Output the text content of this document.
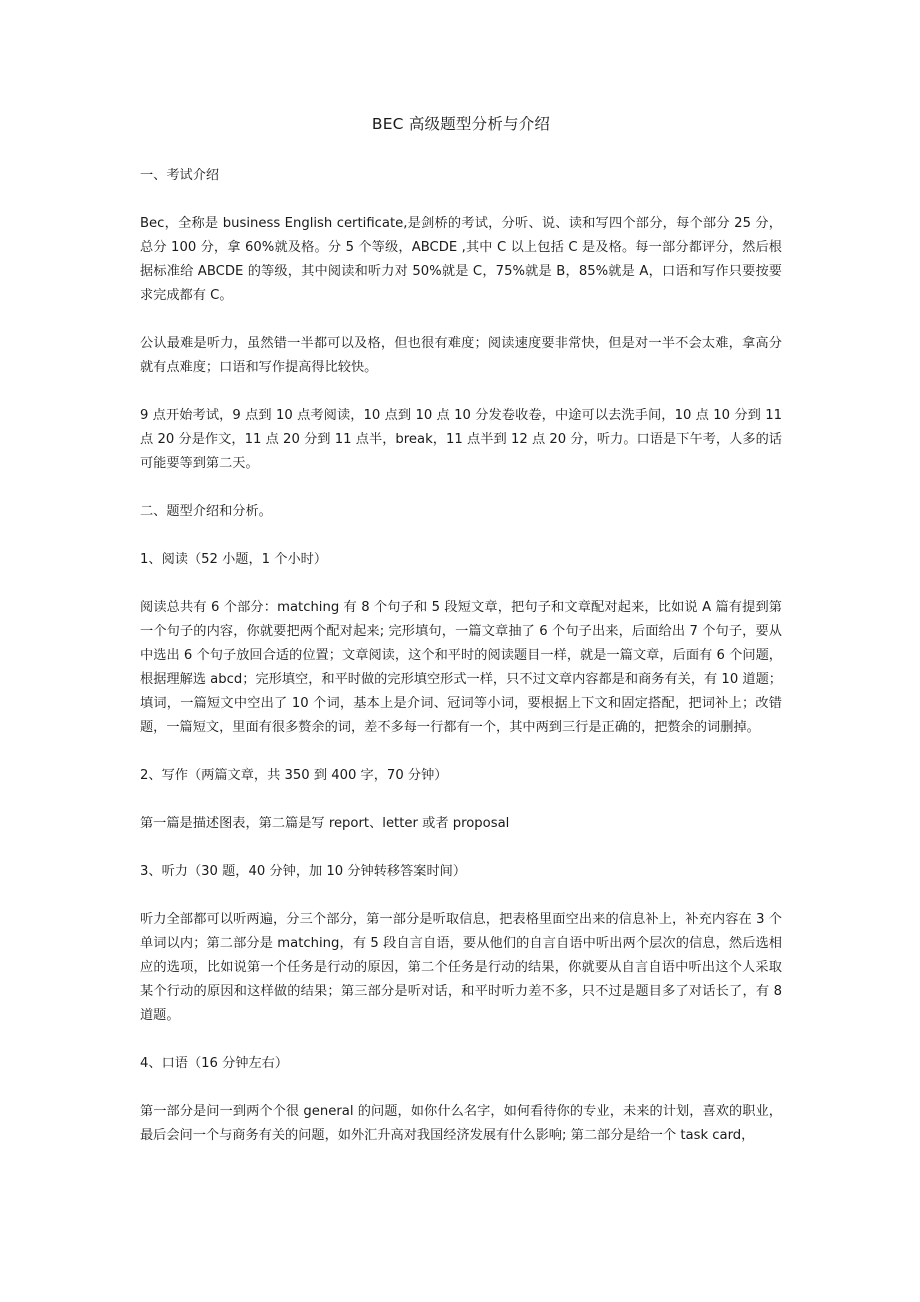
BEC 高级题型分析与介绍
一、考试介绍
Bec，全称是 business English certificate,是剑桥的考试，分听、说、读和写四个部分，每个部分 25 分，总分 100 分，拿 60%就及格。分 5 个等级，ABCDE ,其中 C 以上包括 C 是及格。每一部分都评分，然后根据标准给 ABCDE 的等级，其中阅读和听力对 50%就是 C，75%就是 B，85%就是 A，口语和写作只要按要求完成都有 C。
公认最难是听力，虽然错一半都可以及格，但也很有难度；阅读速度要非常快，但是对一半不会太难，拿高分就有点难度；口语和写作提高得比较快。
9 点开始考试，9 点到 10 点考阅读，10 点到 10 点 10 分发卷收卷，中途可以去洗手间，10 点 10 分到 11 点 20 分是作文，11 点 20 分到 11 点半，break，11 点半到 12 点 20 分，听力。口语是下午考，人多的话可能要等到第二天。
二、题型介绍和分析。
1、阅读（52 小题，1 个小时）
阅读总共有 6 个部分：matching 有 8 个句子和 5 段短文章，把句子和文章配对起来，比如说 A 篇有提到第一个句子的内容，你就要把两个配对起来; 完形填句，一篇文章抽了 6 个句子出来，后面给出 7 个句子，要从中选出 6 个句子放回合适的位置；文章阅读，这个和平时的阅读题目一样，就是一篇文章，后面有 6 个问题，根据理解选 abcd；完形填空，和平时做的完形填空形式一样，只不过文章内容都是和商务有关，有 10 道题；填词，一篇短文中空出了 10 个词，基本上是介词、冠词等小词，要根据上下文和固定搭配，把词补上；改错题，一篇短文，里面有很多赘余的词，差不多每一行都有一个，其中两到三行是正确的，把赘余的词删掉。
2、写作（两篇文章，共 350 到 400 字，70 分钟）
第一篇是描述图表，第二篇是写 report、letter 或者 proposal
3、听力（30 题，40 分钟，加 10 分钟转移答案时间）
听力全部都可以听两遍，分三个部分，第一部分是听取信息，把表格里面空出来的信息补上，补充内容在 3 个单词以内；第二部分是 matching，有 5 段自言自语，要从他们的自言自语中听出两个层次的信息，然后选相应的选项，比如说第一个任务是行动的原因，第二个任务是行动的结果，你就要从自言自语中听出这个人采取某个行动的原因和这样做的结果；第三部分是听对话，和平时听力差不多，只不过是题目多了对话长了，有 8 道题。
4、口语（16 分钟左右）
第一部分是问一到两个个很 general 的问题，如你什么名字，如何看待你的专业，未来的计划，喜欢的职业，最后会问一个与商务有关的问题，如外汇升高对我国经济发展有什么影响; 第二部分是给一个 task card，
